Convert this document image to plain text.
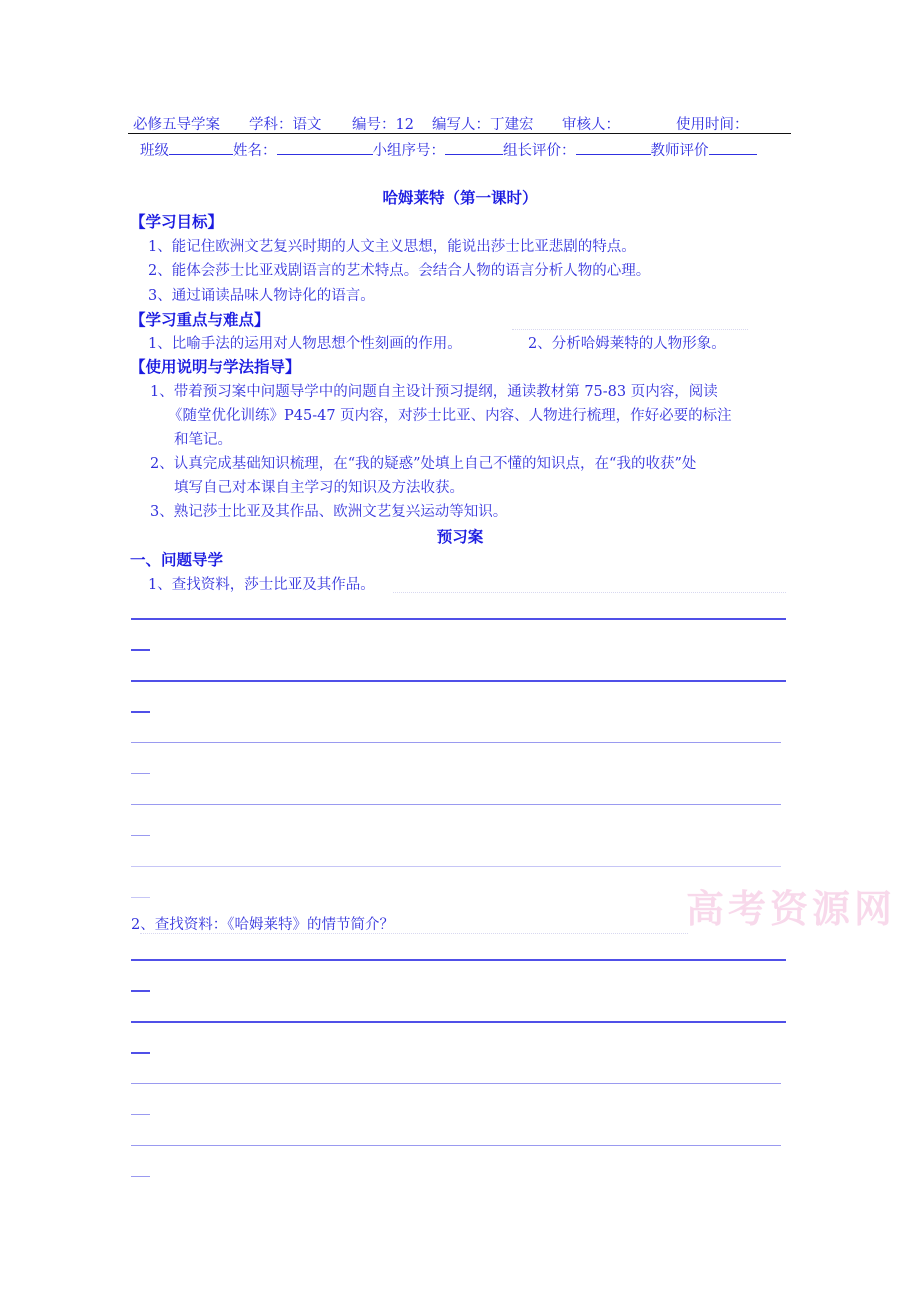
必修五导学案 学科：语文 编号：12 编写人：丁建宏 审核人：	使用时间：
班级	姓名：	小组序号：	组长评价：	教师评价
哈姆莱特（第一课时）
【学习目标】
1、能记住欧洲文艺复兴时期的人文主义思想，能说出莎士比亚悲剧的特点。
2、能体会莎士比亚戏剧语言的艺术特点。会结合人物的语言分析人物的心理。
3、通过诵读品味人物诗化的语言。
【学习重点与难点】
1、比喻手法的运用对人物思想个性刻画的作用。	2、分析哈姆莱特的人物形象。
【使用说明与学法指导】
1、带着预习案中问题导学中的问题自主设计预习提纲，通读教材第 75-83 页内容，阅读
《随堂优化训练》P45-47 页内容，对莎士比亚、内容、人物进行梳理，作好必要的标注
和笔记。
2、认真完成基础知识梳理，在“我的疑惑”处填上自己不懂的知识点，在“我的收获”处
填写自己对本课自主学习的知识及方法收获。
3、熟记莎士比亚及其作品、欧洲文艺复兴运动等知识。
预习案
一、问题导学
1、查找资料，莎士比亚及其作品。
高考资源网
2、查找资料：《哈姆莱特》的情节简介？
